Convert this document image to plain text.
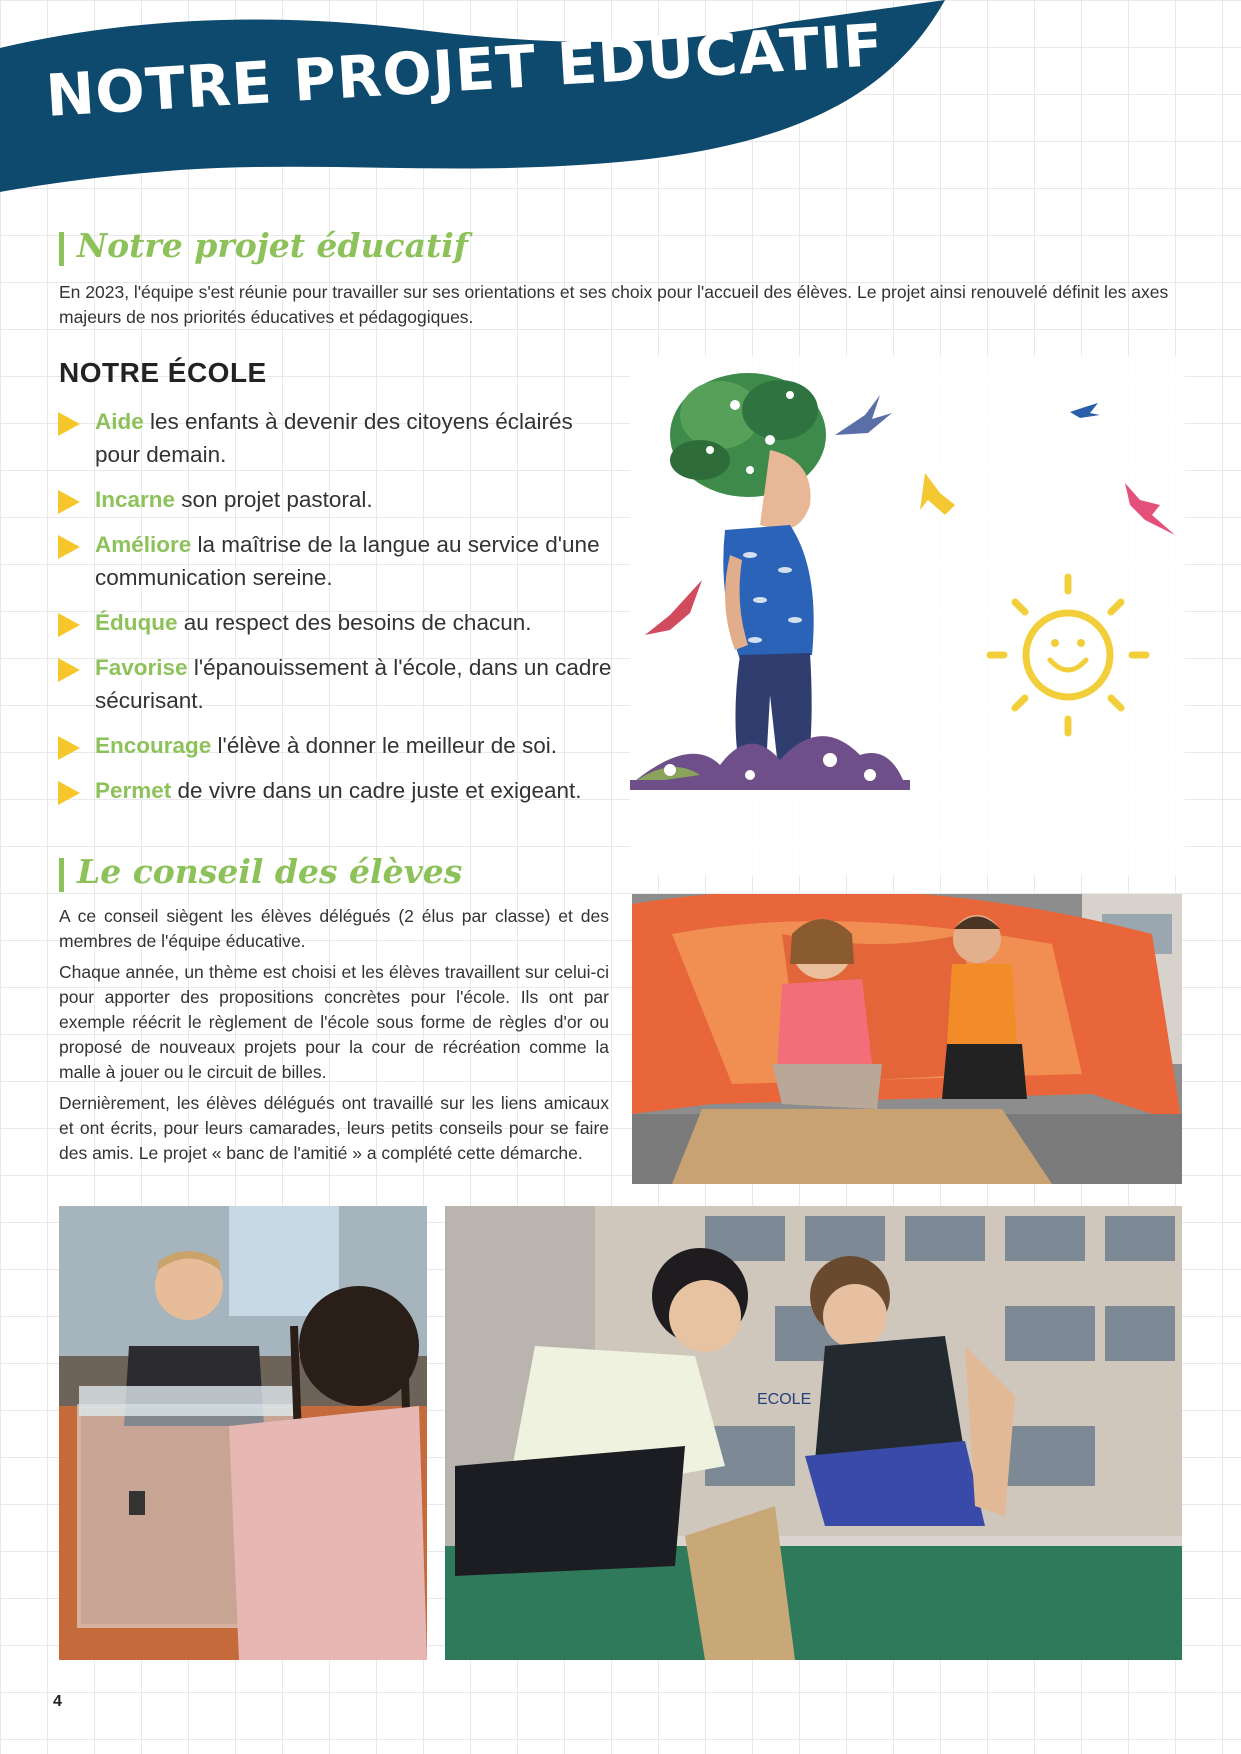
NOTRE PROJET ÉDUCATIF
Notre projet éducatif

En 2023, l'équipe s'est réunie pour travailler sur ses orientations et ses choix pour l'accueil des élèves. Le projet ainsi renouvelé définit les axes majeurs de nos priorités éducatives et pédagogiques.

NOTRE ÉCOLE
Aide les enfants à devenir des citoyens éclairés pour demain.
Incarne son projet pastoral.
Améliore la maîtrise de la langue au service d'une communication sereine.
Éduque au respect des besoins de chacun.
Favorise l'épanouissement à l'école, dans un cadre sécurisant.
Encourage l'élève à donner le meilleur de soi.
Permet de vivre dans un cadre juste et exigeant.
Le conseil des élèves

A ce conseil siègent les élèves délégués (2 élus par classe) et des membres de l'équipe éducative.

Chaque année, un thème est choisi et les élèves travaillent sur celui-ci pour apporter des propositions concrètes pour l'école. Ils ont par exemple réécrit le règlement de l'école sous forme de règles d'or ou proposé de nouveaux projets pour la cour de récréation comme la malle à jouer ou le circuit de billes.

Dernièrement, les élèves délégués ont travaillé sur les liens amicaux et ont écrits, pour leurs camarades, leurs petits conseils pour se faire des amis. Le projet « banc de l'amitié » a complété cette démarche.

ECOLE

4
